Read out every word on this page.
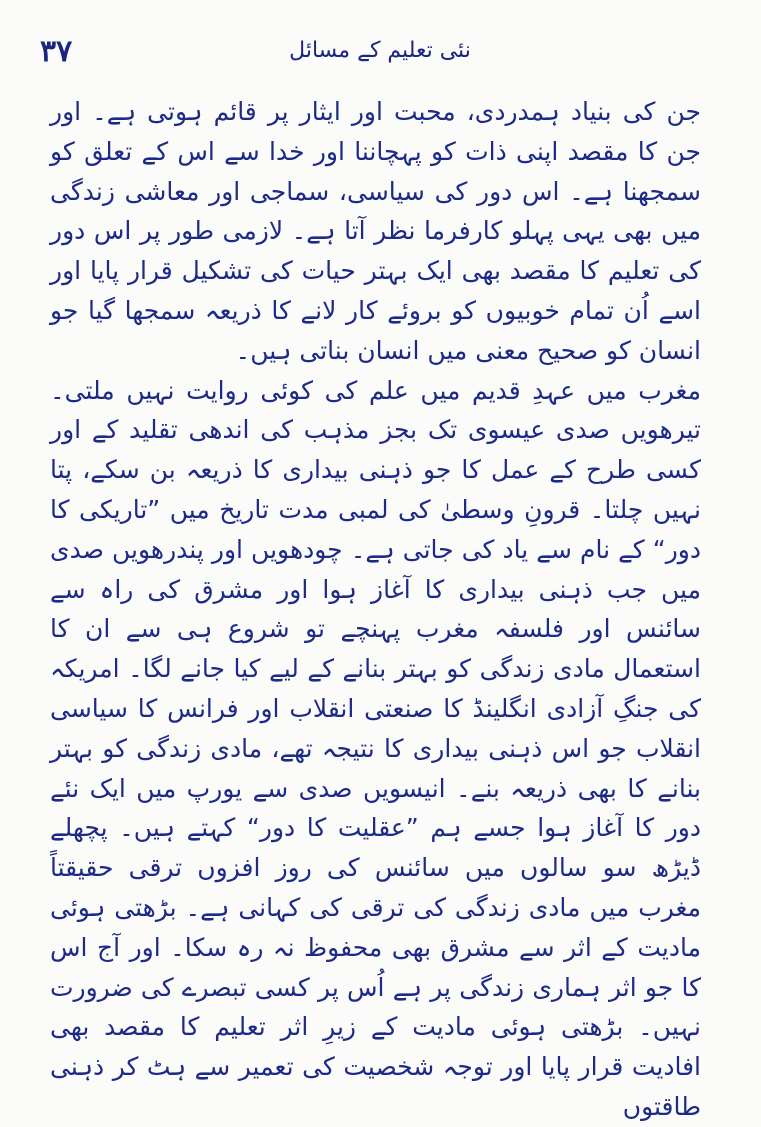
۳۷	نئی تعلیم کے مسائل

جن کی بنیاد ہمدردی، محبت اور ایثار پر قائم ہوتی ہے۔ اور جن کا مقصد اپنی ذات کو پہچاننا اور خدا سے اس کے تعلق کو سمجھنا ہے۔ اس دور کی سیاسی، سماجی اور معاشی زندگی میں بھی یہی پہلو کارفرما نظر آتا ہے۔ لازمی طور پر اس دور کی تعلیم کا مقصد بھی ایک بہتر حیات کی تشکیل قرار پایا اور اسے اُن تمام خوبیوں کو بروئے کار لانے کا ذریعہ سمجھا گیا جو انسان کو صحیح معنی میں انسان بناتی ہیں۔

مغرب میں عہدِ قدیم میں علم کی کوئی روایت نہیں ملتی۔ تیرھویں صدی عیسوی تک بجز مذہب کی اندھی تقلید کے اور کسی طرح کے عمل کا جو ذہنی بیداری کا ذریعہ بن سکے، پتا نہیں چلتا۔ قرونِ وسطیٰ کی لمبی مدت تاریخ میں ”تاریکی کا دور“ کے نام سے یاد کی جاتی ہے۔ چودھویں اور پندرھویں صدی میں جب ذہنی بیداری کا آغاز ہوا اور مشرق کی راہ سے سائنس اور فلسفہ مغرب پہنچے تو شروع ہی سے ان کا استعمال مادی زندگی کو بہتر بنانے کے لیے کیا جانے لگا۔ امریکہ کی جنگِ آزادی انگلینڈ کا صنعتی انقلاب اور فرانس کا سیاسی انقلاب جو اس ذہنی بیداری کا نتیجہ تھے، مادی زندگی کو بہتر بنانے کا بھی ذریعہ بنے۔ انیسویں صدی سے یورپ میں ایک نئے دور کا آغاز ہوا جسے ہم ”عقلیت کا دور“ کہتے ہیں۔ پچھلے ڈیڑھ سو سالوں میں سائنس کی روز افزوں ترقی حقیقتاً مغرب میں مادی زندگی کی ترقی کی کہانی ہے۔ بڑھتی ہوئی مادیت کے اثر سے مشرق بھی محفوظ نہ رہ سکا۔ اور آج اس کا جو اثر ہماری زندگی پر ہے اُس پر کسی تبصرے کی ضرورت نہیں۔ بڑھتی ہوئی مادیت کے زیرِ اثر تعلیم کا مقصد بھی افادیت قرار پایا اور توجہ شخصیت کی تعمیر سے ہٹ کر ذہنی طاقتوں
